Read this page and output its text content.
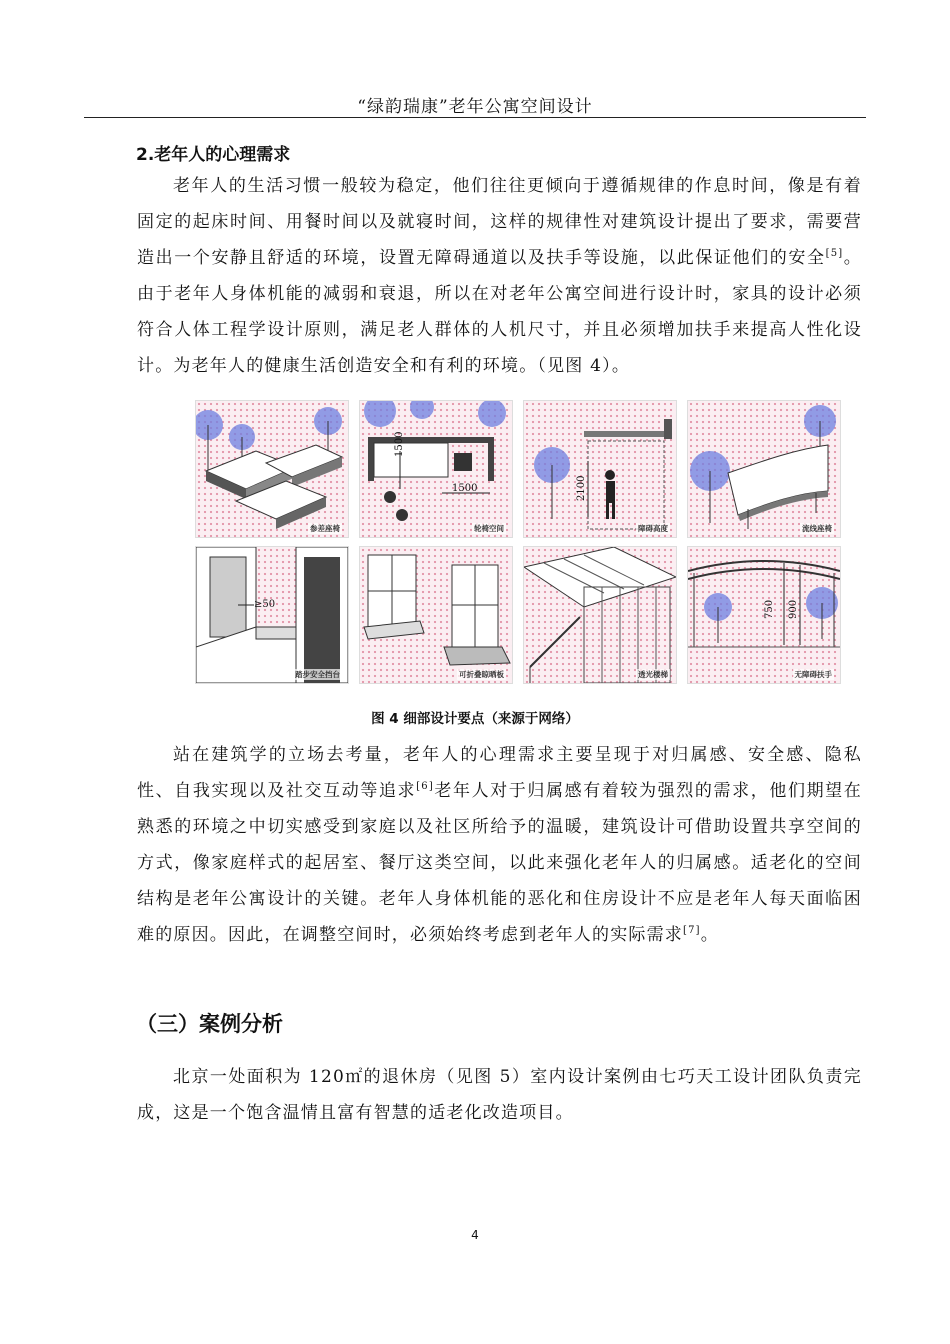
“绿韵瑞康”老年公寓空间设计
2.老年人的心理需求
老年人的生活习惯一般较为稳定，他们往往更倾向于遵循规律的作息时间，像是有着固定的起床时间、用餐时间以及就寝时间，这样的规律性对建筑设计提出了要求，需要营造出一个安静且舒适的环境，设置无障碍通道以及扶手等设施，以此保证他们的安全[5]。由于老年人身体机能的减弱和衰退，所以在对老年公寓空间进行设计时，家具的设计必须符合人体工程学设计原则，满足老人群体的人机尺寸，并且必须增加扶手来提高人性化设计。为老年人的健康生活创造安全和有利的环境。（见图 4）。
参差座椅
1500
1500
轮椅空间
2100
障碍高度	流线座椅
≥50
踏步安全挡台	可折叠晾晒板	透光楼梯
750 900
无障碍扶手
图 4 细部设计要点（来源于网络）
站在建筑学的立场去考量，老年人的心理需求主要呈现于对归属感、安全感、隐私性、自我实现以及社交互动等追求[6]老年人对于归属感有着较为强烈的需求，他们期望在熟悉的环境之中切实感受到家庭以及社区所给予的温暖，建筑设计可借助设置共享空间的方式，像家庭样式的起居室、餐厅这类空间，以此来强化老年人的归属感。适老化的空间结构是老年公寓设计的关键。老年人身体机能的恶化和住房设计不应是老年人每天面临困难的原因。因此，在调整空间时，必须始终考虑到老年人的实际需求[7]。
（三）案例分析
北京一处面积为 120㎡的退休房（见图 5）室内设计案例由七巧天工设计团队负责完成，这是一个饱含温情且富有智慧的适老化改造项目。
4
